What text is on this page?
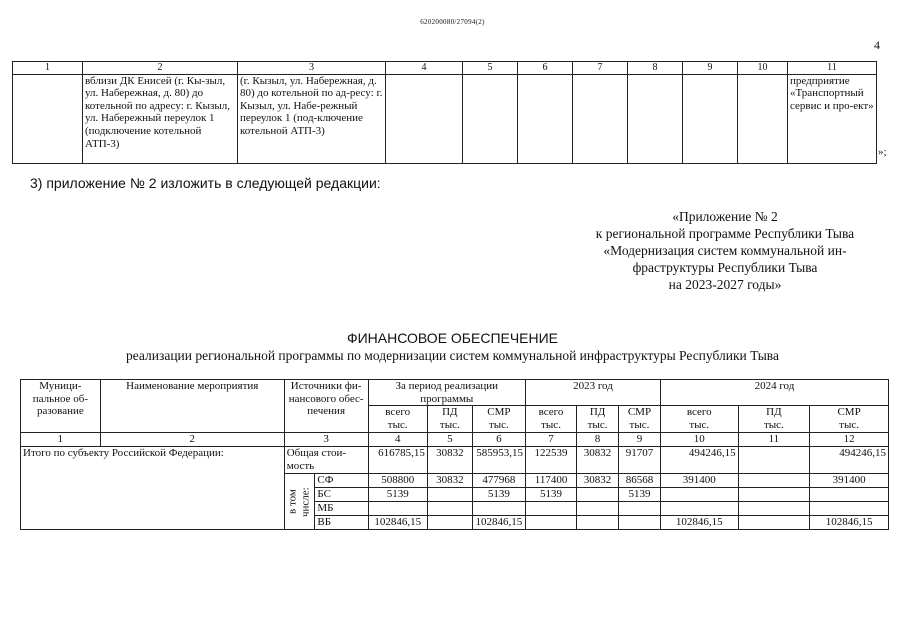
620200080/27094(2)
4
1	2	3	4	5	6	7	8	9	10	11
	вблизи ДК Енисей (г. Кы-зыл, ул. Набережная, д. 80) до котельной по адресу: г. Кызыл, ул. Набережный переулок 1 (подключение котельной АТП-3)	(г. Кызыл, ул. Набережная, д. 80) до котельной по ад-ресу: г. Кызыл, ул. Набе-режный переулок 1 (под-ключение котельной АТП-3)								предприятие «Транспортный сервис и про-ект»
»;
3) приложение № 2 изложить в следующей редакции:
«Приложение № 2
к региональной программе Республики Тыва
«Модернизация систем коммунальной ин-
фраструктуры Республики Тыва
на 2023-2027 годы»
ФИНАНСОВОЕ ОБЕСПЕЧЕНИЕ
реализации региональной программы по модернизации систем коммунальной инфраструктуры Республики Тыва
Муници-пальное об-разование	Наименование мероприятия	Источники фи-нансового обес-печения		За период реализации программы			2023 год			2024 год		
				всего	ПД	СМР	всего	ПД	СМР	всего	ПД	СМР
				тыс.	тыс.	тыс.	тыс.	тыс.	тыс.	тыс.	тыс.	тыс.
1	2	3		4	5	6	7	8	9	10	11	12
Итого по субъекту Российской Федерации:		Общая стои-мость		616785,15	30832	585953,15	122539	30832	91707	494246,15		494246,15
		в том числе:	СФ	508800	30832	477968	117400	30832	86568	391400		391400
			БС	5139		5139	5139		5139			
			МБ									
			ВБ	102846,15		102846,15				102846,15		102846,15
